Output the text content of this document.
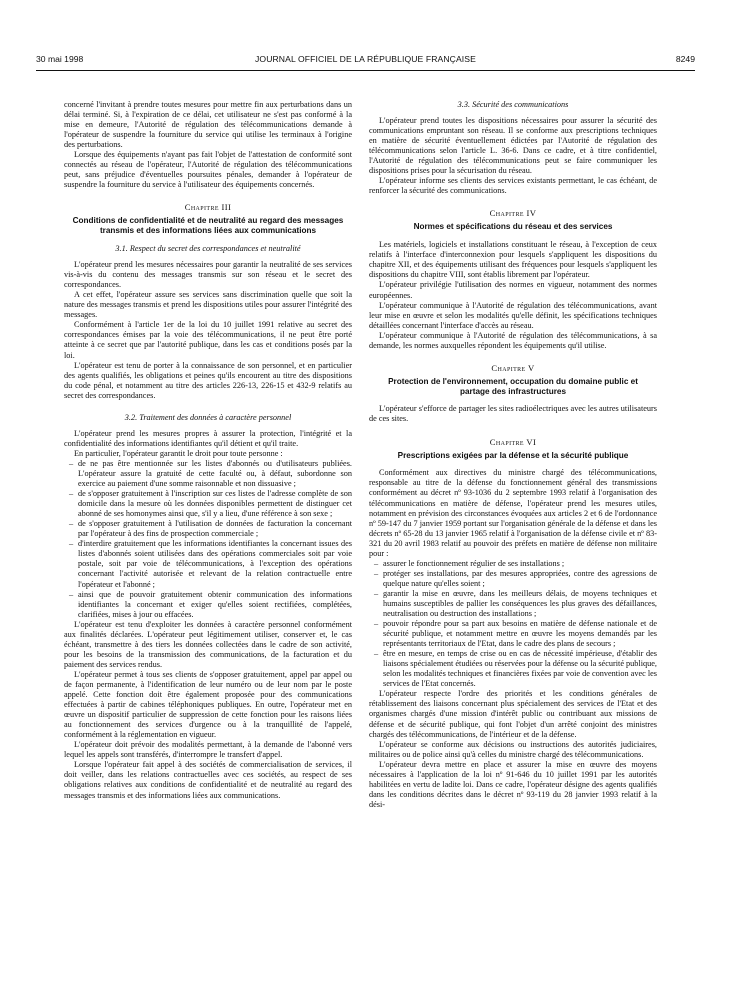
30 mai 1998	JOURNAL OFFICIEL DE LA RÉPUBLIQUE FRANÇAISE	8249

concerné l'invitant à prendre toutes mesures pour mettre fin aux perturbations dans un délai terminé. Si, à l'expiration de ce délai, cet utilisateur ne s'est pas conformé à la mise en demeure, l'Autorité de régulation des télécommunications demande à l'opérateur de suspendre la fourniture du service qui utilise les terminaux à l'origine des perturbations.

Lorsque des équipements n'ayant pas fait l'objet de l'attestation de conformité sont connectés au réseau de l'opérateur, l'Autorité de régulation des télécommunications peut, sans préjudice d'éventuelles poursuites pénales, demander à l'opérateur de suspendre la fourniture du service à l'utilisateur des équipements concernés.

Chapitre III
Conditions de confidentialité et de neutralité au regard des messages transmis et des informations liées aux communications
3.1. Respect du secret des correspondances et neutralité

L'opérateur prend les mesures nécessaires pour garantir la neutralité de ses services vis-à-vis du contenu des messages transmis sur son réseau et le secret des correspondances.

A cet effet, l'opérateur assure ses services sans discrimination quelle que soit la nature des messages transmis et prend les dispositions utiles pour assurer l'intégrité des messages.

Conformément à l'article 1er de la loi du 10 juillet 1991 relative au secret des correspondances émises par la voie des télécommunications, il ne peut être porté atteinte à ce secret que par l'autorité publique, dans les cas et conditions posés par la loi.

L'opérateur est tenu de porter à la connaissance de son personnel, et en particulier des agents qualifiés, les obligations et peines qu'ils encourent au titre des dispositions du code pénal, et notamment au titre des articles 226-13, 226-15 et 432-9 relatifs au secret des correspondances.

3.2. Traitement des données à caractère personnel

L'opérateur prend les mesures propres à assurer la protection, l'intégrité et la confidentialité des informations identifiantes qu'il détient et qu'il traite.

En particulier, l'opérateur garantit le droit pour toute personne :

– de ne pas être mentionnée sur les listes d'abonnés ou d'utilisateurs publiées. L'opérateur assure la gratuité de cette faculté ou, à défaut, subordonne son exercice au paiement d'une somme raisonnable et non dissuasive ;
– de s'opposer gratuitement à l'inscription sur ces listes de l'adresse complète de son domicile dans la mesure où les données disponibles permettent de distinguer cet abonné de ses homonymes ainsi que, s'il y a lieu, d'une référence à son sexe ;
– de s'opposer gratuitement à l'utilisation de données de facturation la concernant par l'opérateur à des fins de prospection commerciale ;
– d'interdire gratuitement que les informations identifiantes la concernant issues des listes d'abonnés soient utilisées dans des opérations commerciales soit par voie postale, soit par voie de télécommunications, à l'exception des opérations concernant l'activité autorisée et relevant de la relation contractuelle entre l'opérateur et l'abonné ;
– ainsi que de pouvoir gratuitement obtenir communication des informations identifiantes la concernant et exiger qu'elles soient rectifiées, complétées, clarifiées, mises à jour ou effacées.

L'opérateur est tenu d'exploiter les données à caractère personnel conformément aux finalités déclarées. L'opérateur peut légitimement utiliser, conserver et, le cas échéant, transmettre à des tiers les données collectées dans le cadre de son activité, pour les besoins de la transmission des communications, de la facturation et du paiement des services rendus.

L'opérateur permet à tous ses clients de s'opposer gratuitement, appel par appel ou de façon permanente, à l'identification de leur numéro ou de leur nom par le poste appelé. Cette fonction doit être également proposée pour des communications effectuées à partir de cabines téléphoniques publiques. En outre, l'opérateur met en œuvre un dispositif particulier de suppression de cette fonction pour les raisons liées au fonctionnement des services d'urgence ou à la tranquillité de l'appelé, conformément à la réglementation en vigueur.

L'opérateur doit prévoir des modalités permettant, à la demande de l'abonné vers lequel les appels sont transférés, d'interrompre le transfert d'appel.

Lorsque l'opérateur fait appel à des sociétés de commercialisation de services, il doit veiller, dans les relations contractuelles avec ces sociétés, au respect de ses obligations relatives aux conditions de confidentialité et de neutralité au regard des messages transmis et des informations liées aux communications.

3.3. Sécurité des communications

L'opérateur prend toutes les dispositions nécessaires pour assurer la sécurité des communications empruntant son réseau. Il se conforme aux prescriptions techniques en matière de sécurité éventuellement édictées par l'Autorité de régulation des télécommunications selon l'article L. 36-6. Dans ce cadre, et à titre confidentiel, l'Autorité de régulation des télécommunications peut se faire communiquer les dispositions prises pour la sécurisation du réseau.

L'opérateur informe ses clients des services existants permettant, le cas échéant, de renforcer la sécurité des communications.

Chapitre IV
Normes et spécifications du réseau et des services

Les matériels, logiciels et installations constituant le réseau, à l'exception de ceux relatifs à l'interface d'interconnexion pour lesquels s'appliquent les dispositions du chapitre XII, et des équipements utilisant des fréquences pour lesquels s'appliquent les dispositions du chapitre VIII, sont établis librement par l'opérateur.

L'opérateur privilégie l'utilisation des normes en vigueur, notamment des normes européennes.

L'opérateur communique à l'Autorité de régulation des télécommunications, avant leur mise en œuvre et selon les modalités qu'elle définit, les spécifications techniques détaillées concernant l'interface d'accès au réseau.

L'opérateur communique à l'Autorité de régulation des télécommunications, à sa demande, les normes auxquelles répondent les équipements qu'il utilise.

Chapitre V
Protection de l'environnement, occupation du domaine public et partage des infrastructures

L'opérateur s'efforce de partager les sites radioélectriques avec les autres utilisateurs de ces sites.

Chapitre VI
Prescriptions exigées par la défense et la sécurité publique

Conformément aux directives du ministre chargé des télécommunications, responsable au titre de la défense du fonctionnement général des transmissions conformément au décret nº 93-1036 du 2 septembre 1993 relatif à l'organisation des télécommunications en matière de défense, l'opérateur prend les mesures utiles, notamment en prévision des circonstances évoquées aux articles 2 et 6 de l'ordonnance nº 59-147 du 7 janvier 1959 portant sur l'organisation générale de la défense et dans les décrets nº 65-28 du 13 janvier 1965 relatif à l'organisation de la défense civile et nº 83-321 du 20 avril 1983 relatif au pouvoir des préfets en matière de défense non militaire pour :

– assurer le fonctionnement régulier de ses installations ;
– protéger ses installations, par des mesures appropriées, contre des agressions de quelque nature qu'elles soient ;
– garantir la mise en œuvre, dans les meilleurs délais, de moyens techniques et humains susceptibles de pallier les conséquences les plus graves des défaillances, neutralisation ou destruction des installations ;
– pouvoir répondre pour sa part aux besoins en matière de défense nationale et de sécurité publique, et notamment mettre en œuvre les moyens demandés par les représentants territoriaux de l'Etat, dans le cadre des plans de secours ;
– être en mesure, en temps de crise ou en cas de nécessité impérieuse, d'établir des liaisons spécialement étudiées ou réservées pour la défense ou la sécurité publique, selon les modalités techniques et financières fixées par voie de convention avec les services de l'Etat concernés.

L'opérateur respecte l'ordre des priorités et les conditions générales de rétablissement des liaisons concernant plus spécialement des services de l'Etat et des organismes chargés d'une mission d'intérêt public ou contribuant aux missions de défense et de sécurité publique, qui font l'objet d'un arrêté conjoint des ministres chargés des télécommunications, de l'intérieur et de la défense.

L'opérateur se conforme aux décisions ou instructions des autorités judiciaires, militaires ou de police ainsi qu'à celles du ministre chargé des télécommunications.

L'opérateur devra mettre en place et assurer la mise en œuvre des moyens nécessaires à l'application de la loi nº 91-646 du 10 juillet 1991 par les autorités habilitées en vertu de ladite loi. Dans ce cadre, l'opérateur désigne des agents qualifiés dans les conditions décrites dans le décret nº 93-119 du 28 janvier 1993 relatif à la dési-
